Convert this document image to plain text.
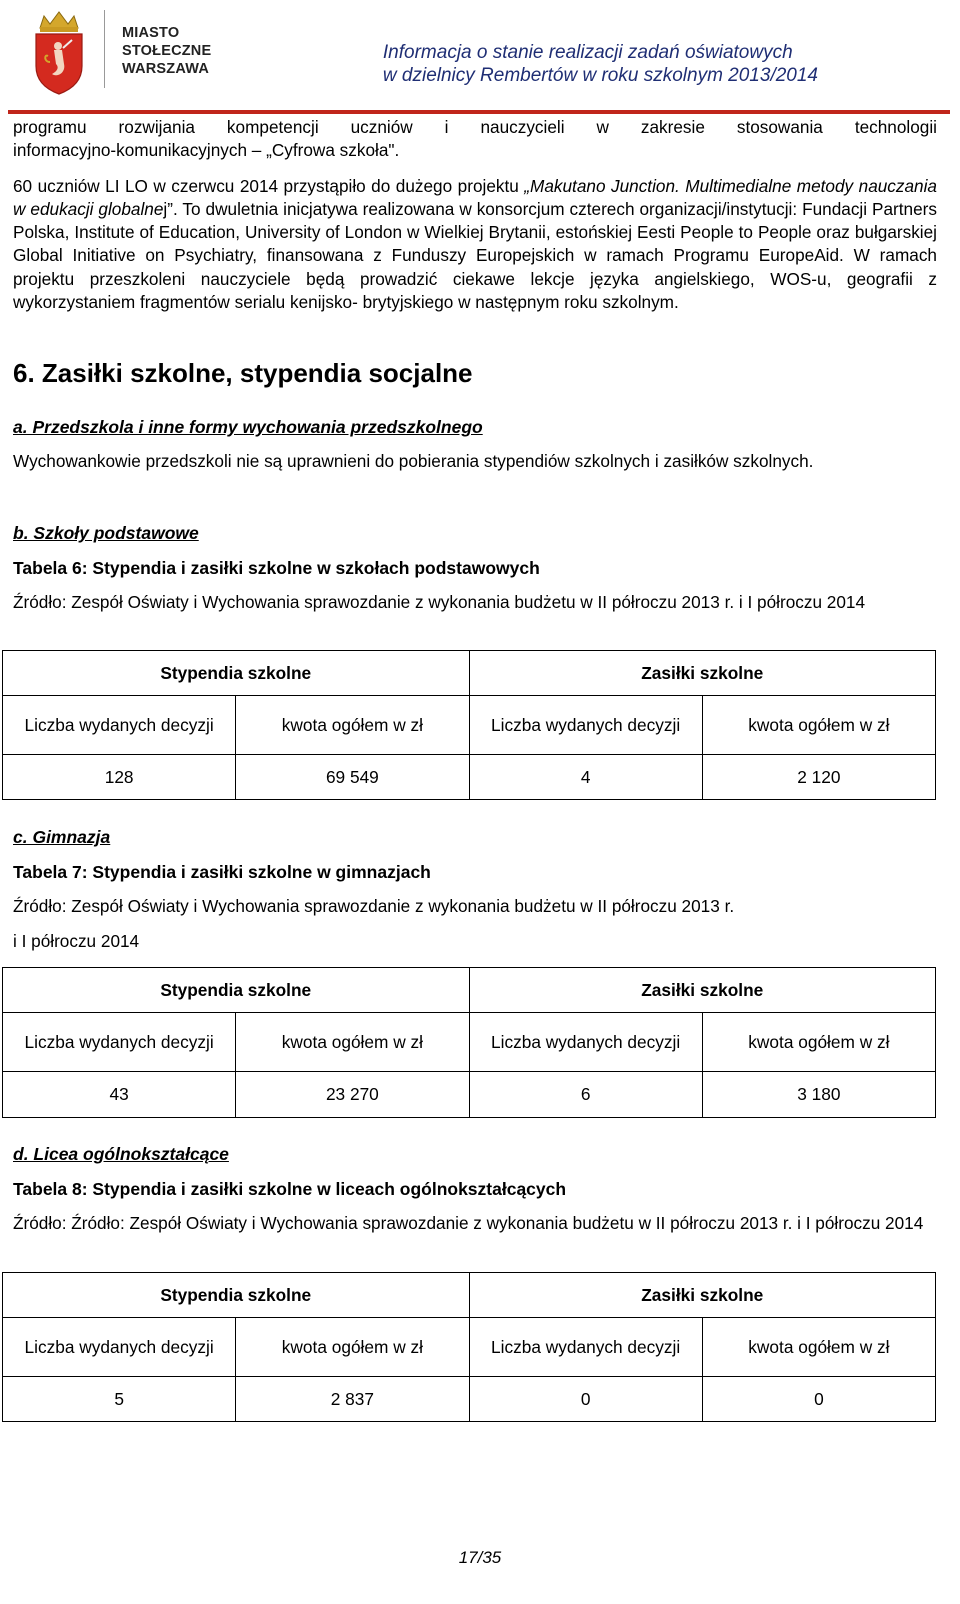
MIASTO
STOŁECZNE
WARSZAWA
Informacja o stanie realizacji zadań oświatowych
w dzielnicy Rembertów w roku szkolnym 2013/2014

programu rozwijania kompetencji uczniów i nauczycieli w zakresie stosowania technologii

informacyjno-komunikacyjnych – „Cyfrowa szkoła".

60 uczniów LI LO w czerwcu 2014 przystąpiło do dużego projektu „Makutano Junction. Multimedialne metody nauczania w edukacji globalnej”. To dwuletnia inicjatywa realizowana w konsorcjum czterech organizacji/instytucji: Fundacji Partners Polska, Institute of Education, University of London w Wielkiej Brytanii, estońskiej Eesti People to People oraz bułgarskiej Global Initiative on Psychiatry, finansowana z Funduszy Europejskich w ramach Programu EuropeAid. W ramach projektu przeszkoleni nauczyciele będą prowadzić ciekawe lekcje języka angielskiego, WOS-u, geografii z wykorzystaniem fragmentów serialu kenijsko- brytyjskiego w następnym roku szkolnym.

6. Zasiłki szkolne, stypendia socjalne

a. Przedszkola i inne formy wychowania przedszkolnego

Wychowankowie przedszkoli nie są uprawnieni do pobierania stypendiów szkolnych i zasiłków szkolnych.

b. Szkoły podstawowe

Tabela 6: Stypendia i zasiłki szkolne w szkołach podstawowych

Źródło: Zespół Oświaty i Wychowania sprawozdanie z wykonania budżetu w II półroczu 2013 r. i I półroczu 2014

Stypendia szkolne		Zasiłki szkolne	
Liczba wydanych decyzji	kwota ogółem w zł	Liczba wydanych decyzji	kwota ogółem w zł
128	69 549	4	2 120

c. Gimnazja

Tabela 7: Stypendia i zasiłki szkolne w gimnazjach

Źródło: Zespół Oświaty i Wychowania sprawozdanie z wykonania budżetu w II półroczu 2013 r.

i I półroczu 2014

Stypendia szkolne		Zasiłki szkolne	
Liczba wydanych decyzji	kwota ogółem w zł	Liczba wydanych decyzji	kwota ogółem w zł
43	23 270	6	3 180

d. Licea ogólnokształcące

Tabela 8: Stypendia i zasiłki szkolne w liceach ogólnokształcących

Źródło: Źródło: Zespół Oświaty i Wychowania sprawozdanie z wykonania budżetu w II półroczu 2013 r. i I półroczu 2014

Stypendia szkolne		Zasiłki szkolne	
Liczba wydanych decyzji	kwota ogółem w zł	Liczba wydanych decyzji	kwota ogółem w zł
5	2 837	0	0
17/35
